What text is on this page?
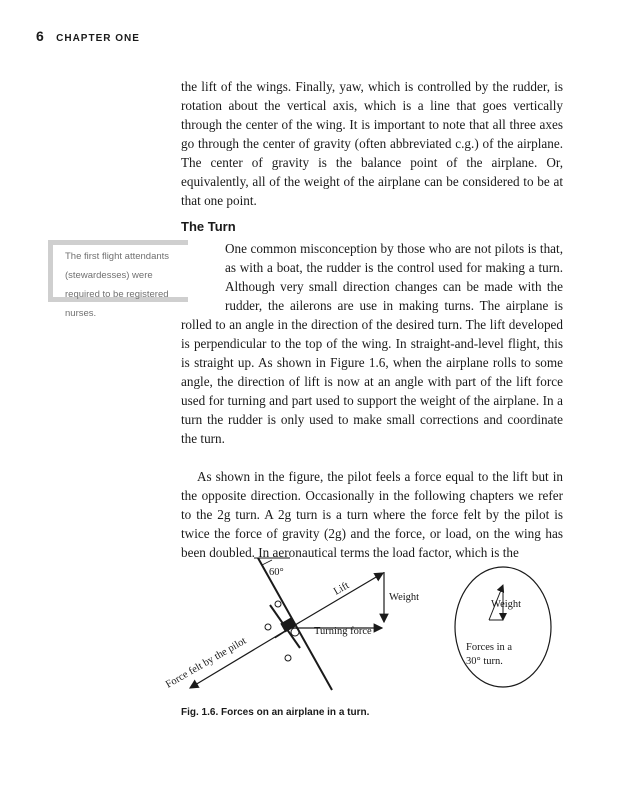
6 CHAPTER ONE

the lift of the wings. Finally, yaw, which is controlled by the rudder, is rotation about the vertical axis, which is a line that goes vertically through the center of the wing. It is important to note that all three axes go through the center of gravity (often abbreviated c.g.) of the airplane. The center of gravity is the balance point of the airplane. Or, equivalently, all of the weight of the airplane can be considered to be at that one point.

The Turn
The first flight attendants (stewardesses) were required to be registered nurses.

One common misconception by those who are not pilots is that, as with a boat, the rudder is the control used for making a turn. Although very small direction changes can be made with the rudder, the ailerons are use in making turns. The airplane is rolled to an angle in the direction of the desired turn. The lift developed is perpendicular to the top of the wing. In straight-and-level flight, this is straight up. As shown in Figure 1.6, when the airplane rolls to some angle, the direction of lift is now at an angle with part of the lift force used for turning and part used to support the weight of the airplane. In a turn the rudder is only used to make small corrections and coordinate the turn.

As shown in the figure, the pilot feels a force equal to the lift but in the opposite direction. Occasionally in the following chapters we refer to the 2g turn. A 2g turn is a turn where the force felt by the pilot is twice the force of gravity (2g) and the force, or load, on the wing has been doubled. In aeronautical terms the load factor, which is the

60°
Lift	Weight
Turning force
Force felt by the pilot
Weight
Forces in a
30° turn.

Fig. 1.6. Forces on an airplane in a turn.
